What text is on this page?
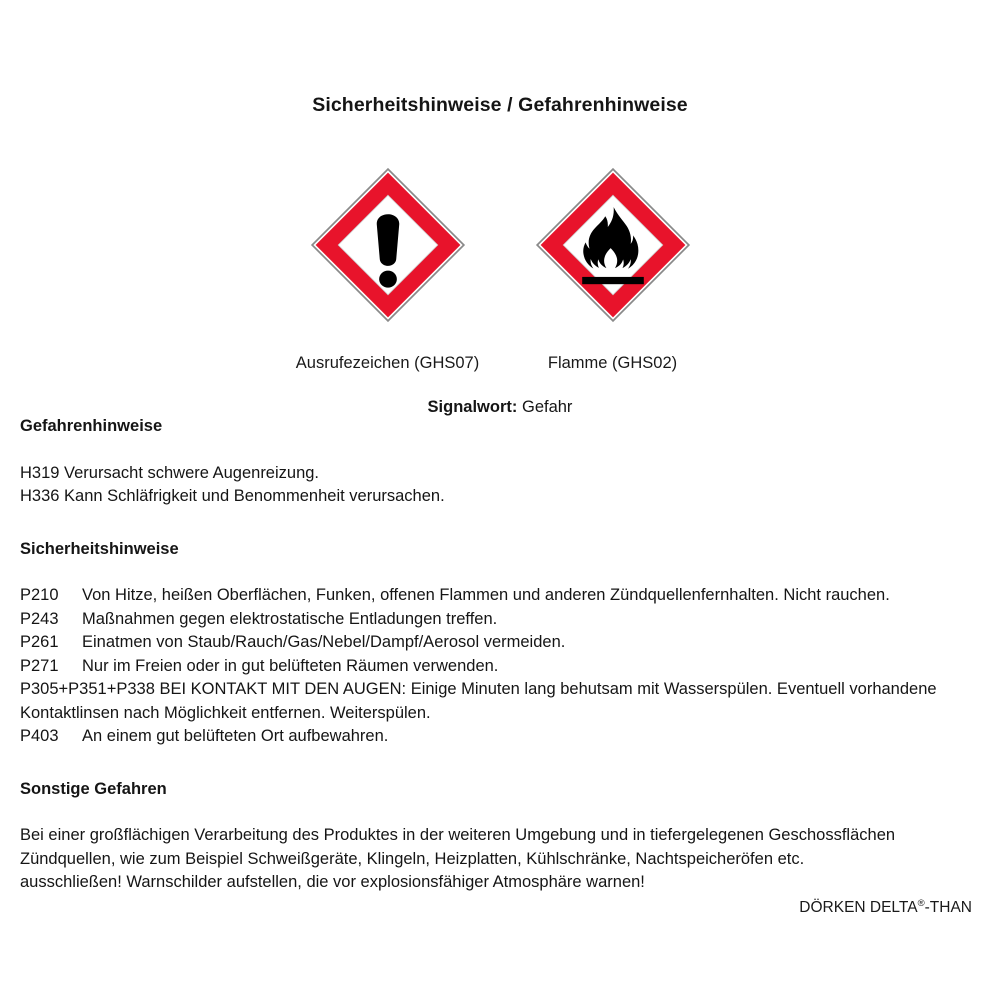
Sicherheitshinweise / Gefahrenhinweise
Ausrufezeichen (GHS07)	Flamme (GHS02)
Signalwort: Gefahr
Gefahrenhinweise
H319 Verursacht schwere Augenreizung.
H336 Kann Schläfrigkeit und Benommenheit verursachen.
Sicherheitshinweise
P210	Von Hitze, heißen Oberflächen, Funken, offenen Flammen und anderen Zündquellenfernhalten. Nicht rauchen.
P243	Maßnahmen gegen elektrostatische Entladungen treffen.
P261	Einatmen von Staub/Rauch/Gas/Nebel/Dampf/Aerosol vermeiden.
P271	Nur im Freien oder in gut belüfteten Räumen verwenden.
P305+P351+P338 BEI KONTAKT MIT DEN AUGEN: Einige Minuten lang behutsam mit Wasserspülen. Eventuell vorhandene Kontaktlinsen nach Möglichkeit entfernen. Weiterspülen.
P403	An einem gut belüfteten Ort aufbewahren.
Sonstige Gefahren
Bei einer großflächigen Verarbeitung des Produktes in der weiteren Umgebung und in tiefergelegenen Geschossflächen Zündquellen, wie zum Beispiel Schweißgeräte, Klingeln, Heizplatten, Kühlschränke, Nachtspeicheröfen etc. ausschließen! Warnschilder aufstellen, die vor explosionsfähiger Atmosphäre warnen!
DÖRKEN DELTA®-THAN
